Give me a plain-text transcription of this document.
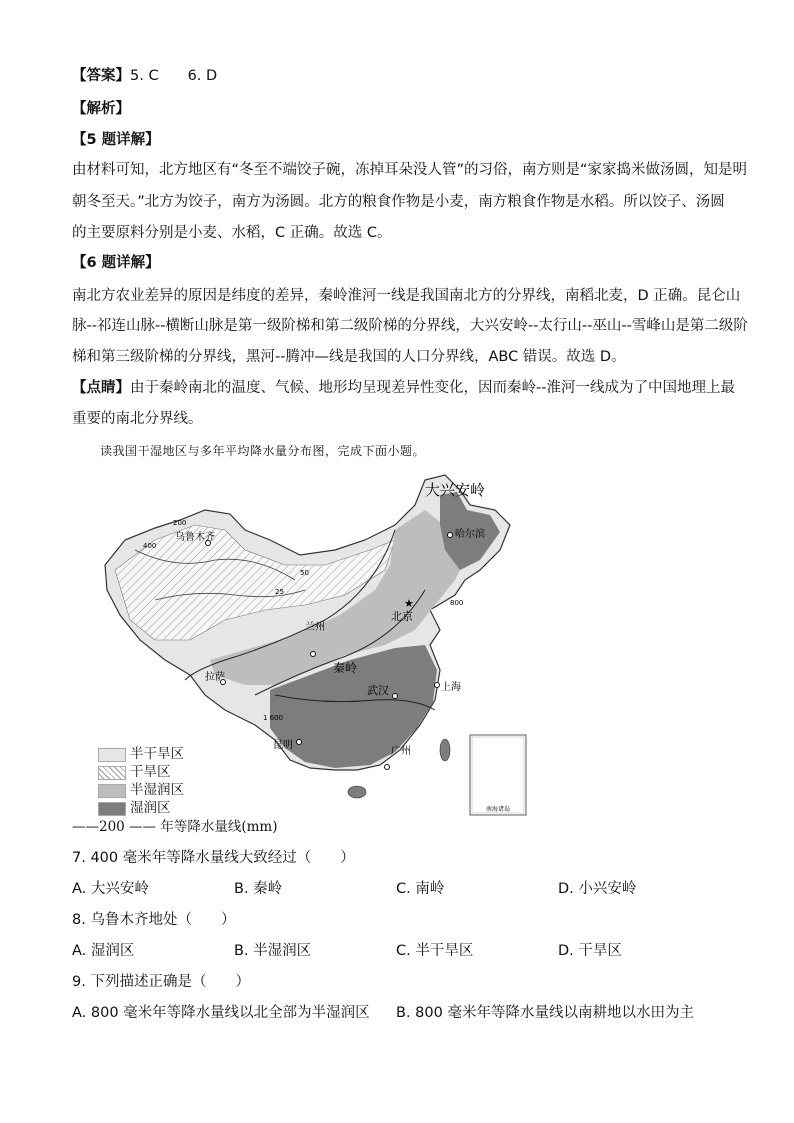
【答案】5. C　　6. D
【解析】
【5 题详解】
由材料可知，北方地区有“冬至不端饺子碗，冻掉耳朵没人管”的习俗，南方则是“家家捣米做汤圆，知是明
朝冬至天。”北方为饺子，南方为汤圆。北方的粮食作物是小麦，南方粮食作物是水稻。所以饺子、汤圆
的主要原料分别是小麦、水稻，C 正确。故选 C。
【6 题详解】
南北方农业差异的原因是纬度的差异，秦岭淮河一线是我国南北方的分界线，南稻北麦，D 正确。昆仑山
脉--祁连山脉--横断山脉是第一级阶梯和第二级阶梯的分界线，大兴安岭--太行山--巫山--雪峰山是第二级阶
梯和第三级阶梯的分界线，黑河--腾冲—线是我国的人口分界线，ABC 错误。故选 D。
【点睛】由于秦岭南北的温度、气候、地形均呈现差异性变化，因而秦岭--淮河一线成为了中国地理上最
重要的南北分界线。
读我国干湿地区与多年平均降水量分布图，完成下面小题。
南海诸岛
★
大兴安岭
哈尔滨
乌鲁木齐
北京
兰州
秦岭
武汉	上海
拉萨
昆明
广州
200
400
50
25
800
1 600
半干旱区
干旱区
半湿润区
湿润区
——200 —— 年等降水量线(mm)
7. 400 毫米年等降水量线大致经过（　　）
A. 大兴安岭	B. 秦岭	C. 南岭	D. 小兴安岭
8. 乌鲁木齐地处（　　）
A. 湿润区	B. 半湿润区	C. 半干旱区	D. 干旱区
9. 下列描述正确是（　　）
A. 800 毫米年等降水量线以北全部为半湿润区 B. 800 毫米年等降水量线以南耕地以水田为主
